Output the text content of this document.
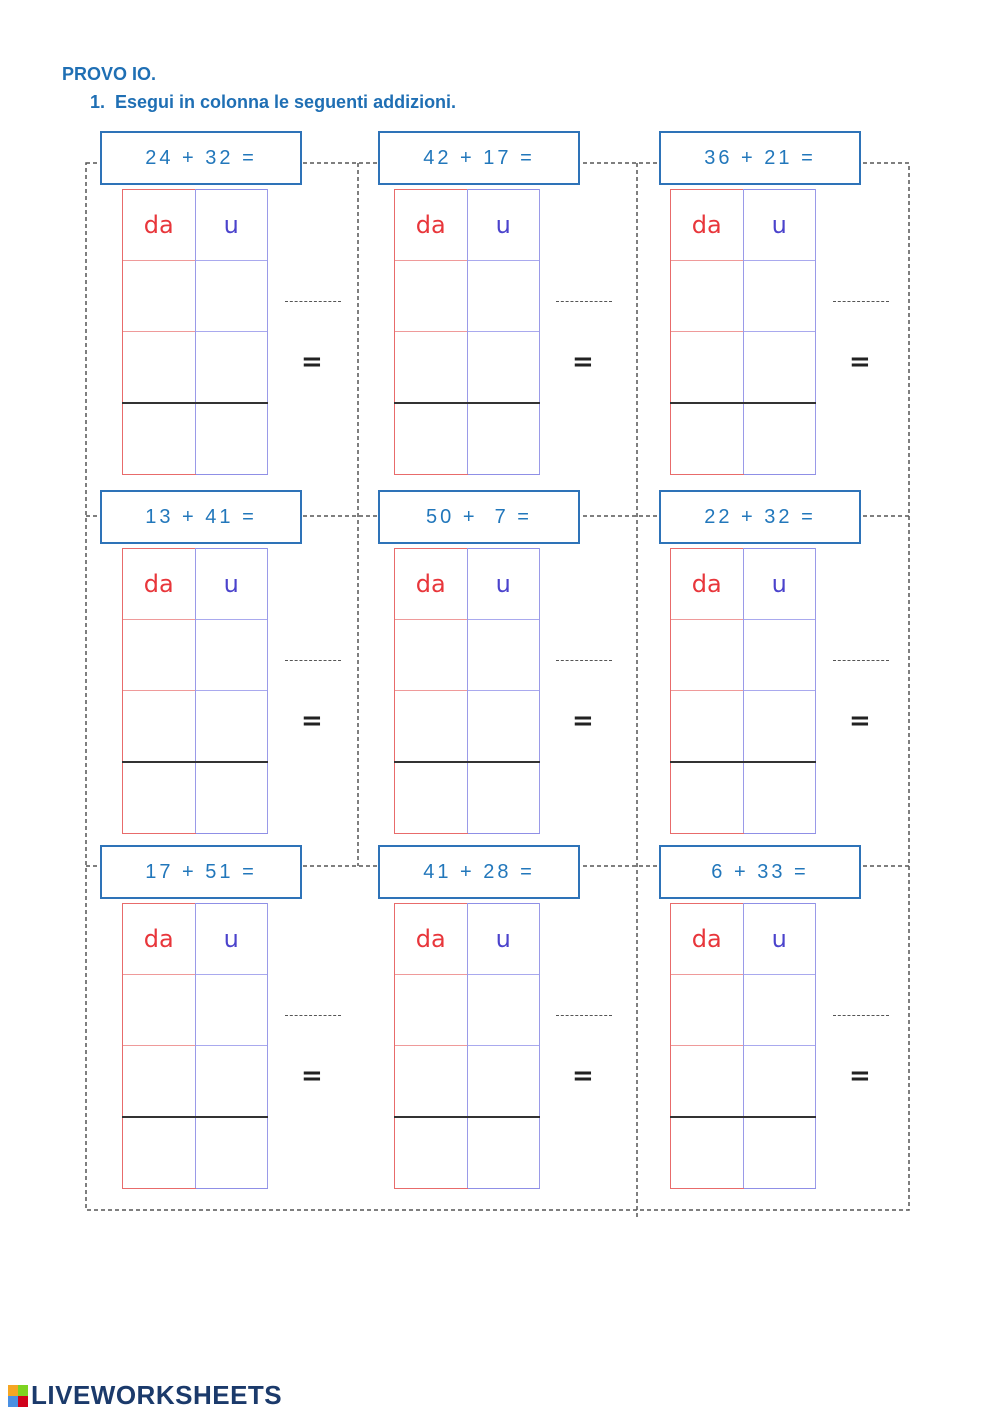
PROVO IO.
1. Esegui in colonna le seguenti addizioni.
24 + 32 =
da	u

=
42 + 17 =
da	u

=
36 + 21 =
da	u

=
13 + 41 =
da	u

=
50 +  7 =
da	u

=
22 + 32 =
da	u

=
17 + 51 =
da	u

=
41 + 28 =
da	u

=
6 + 33 =
da	u

=
LIVEWORKSHEETS
